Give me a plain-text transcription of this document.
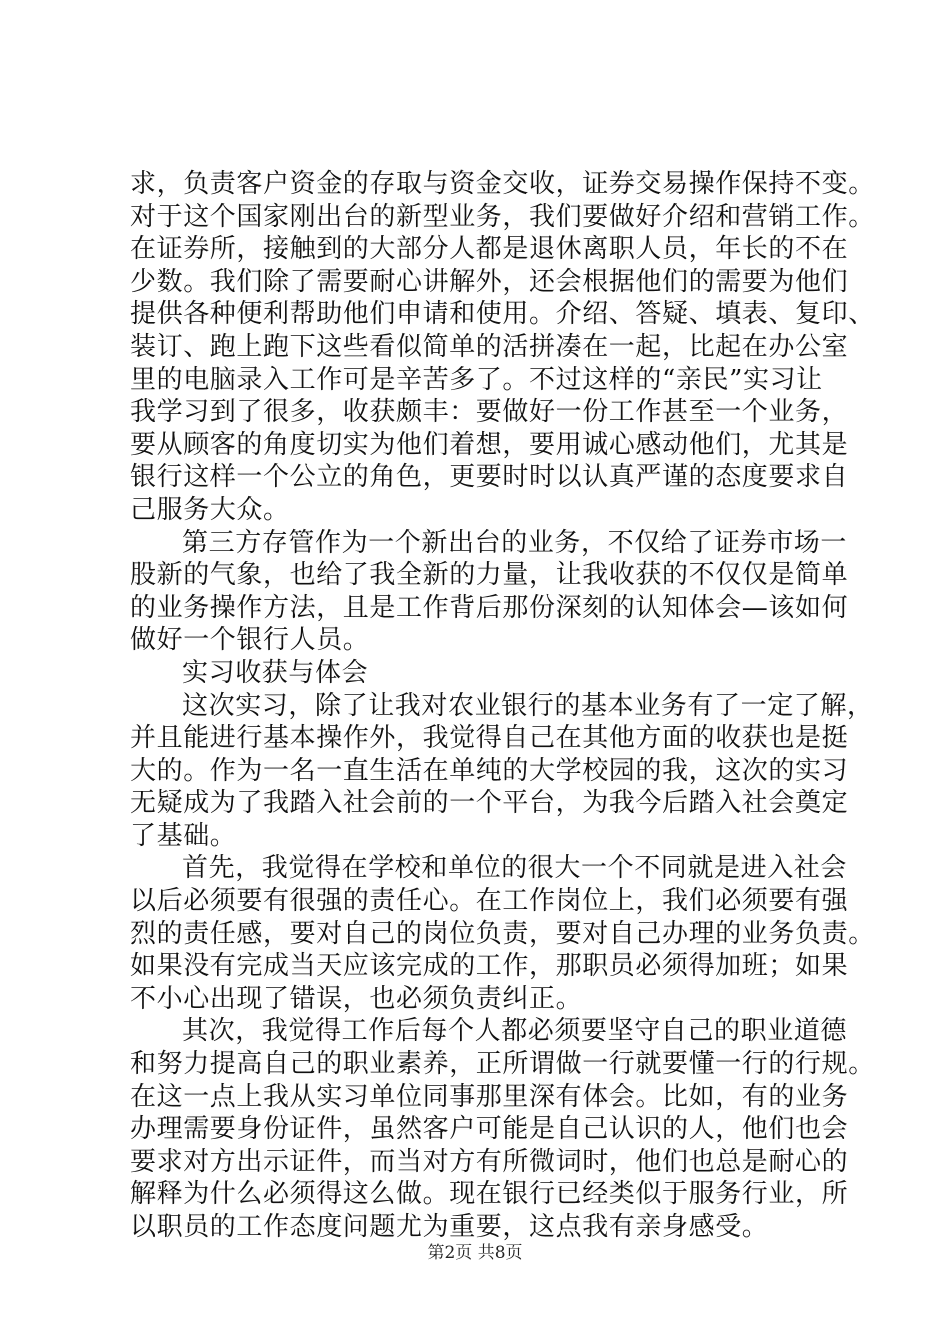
求，负责客户资金的存取与资金交收，证券交易操作保持不变。
对于这个国家刚出台的新型业务，我们要做好介绍和营销工作。
在证券所，接触到的大部分人都是退休离职人员，年长的不在
少数。我们除了需要耐心讲解外，还会根据他们的需要为他们
提供各种便利帮助他们申请和使用。介绍、答疑、填表、复印、
装订、跑上跑下这些看似简单的活拼凑在一起，比起在办公室
里的电脑录入工作可是辛苦多了。不过这样的“亲民”实习让
我学习到了很多，收获颇丰：要做好一份工作甚至一个业务，
要从顾客的角度切实为他们着想，要用诚心感动他们，尤其是
银行这样一个公立的角色，更要时时以认真严谨的态度要求自
己服务大众。
第三方存管作为一个新出台的业务，不仅给了证券市场一
股新的气象，也给了我全新的力量，让我收获的不仅仅是简单
的业务操作方法，且是工作背后那份深刻的认知体会—该如何
做好一个银行人员。
实习收获与体会
这次实习，除了让我对农业银行的基本业务有了一定了解，
并且能进行基本操作外，我觉得自己在其他方面的收获也是挺
大的。作为一名一直生活在单纯的大学校园的我，这次的实习
无疑成为了我踏入社会前的一个平台，为我今后踏入社会奠定
了基础。
首先，我觉得在学校和单位的很大一个不同就是进入社会
以后必须要有很强的责任心。在工作岗位上，我们必须要有强
烈的责任感，要对自己的岗位负责，要对自己办理的业务负责。
如果没有完成当天应该完成的工作，那职员必须得加班；如果
不小心出现了错误，也必须负责纠正。
其次，我觉得工作后每个人都必须要坚守自己的职业道德
和努力提高自己的职业素养，正所谓做一行就要懂一行的行规。
在这一点上我从实习单位同事那里深有体会。比如，有的业务
办理需要身份证件，虽然客户可能是自己认识的人，他们也会
要求对方出示证件，而当对方有所微词时，他们也总是耐心的
解释为什么必须得这么做。现在银行已经类似于服务行业，所
以职员的工作态度问题尤为重要，这点我有亲身感受。
第2页 共8页
